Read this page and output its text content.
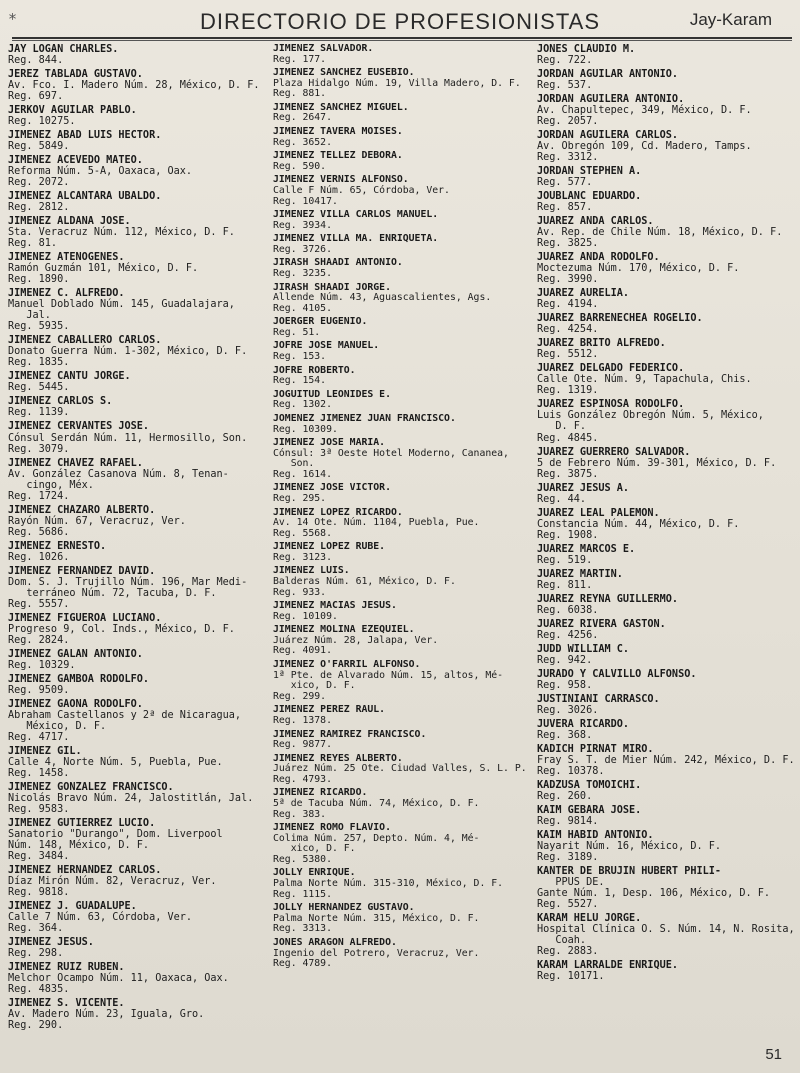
*	DIRECTORIO DE PROFESIONISTAS	Jay-Karam
JAY LOGAN CHARLES.
Reg. 844.
JEREZ TABLADA GUSTAVO.
Av. Fco. I. Madero Núm. 28, México, D. F.
Reg. 697.
JERKOV AGUILAR PABLO.
Reg. 10275.
JIMENEZ ABAD LUIS HECTOR.
Reg. 5849.
JIMENEZ ACEVEDO MATEO.
Reforma Núm. 5-A, Oaxaca, Oax.
Reg. 2072.
JIMENEZ ALCANTARA UBALDO.
Reg. 2812.
JIMENEZ ALDANA JOSE.
Sta. Veracruz Núm. 112, México, D. F.
Reg. 81.
JIMENEZ ATENOGENES.
Ramón Guzmán 101, México, D. F.
Reg. 1890.
JIMENEZ C. ALFREDO.
Manuel Doblado Núm. 145, Guadalajara,
Jal.
Reg. 5935.
JIMENEZ CABALLERO CARLOS.
Donato Guerra Núm. 1-302, México, D. F.
Reg. 1835.
JIMENEZ CANTU JORGE.
Reg. 5445.
JIMENEZ CARLOS S.
Reg. 1139.
JIMENEZ CERVANTES JOSE.
Cónsul Serdán Núm. 11, Hermosillo, Son.
Reg. 3079.
JIMENEZ CHAVEZ RAFAEL.
Av. González Casanova Núm. 8, Tenan-
cingo, Méx.
Reg. 1724.
JIMENEZ CHAZARO ALBERTO.
Rayón Núm. 67, Veracruz, Ver.
Reg. 5686.
JIMENEZ ERNESTO.
Reg. 1026.
JIMENEZ FERNANDEZ DAVID.
Dom. S. J. Trujillo Núm. 196, Mar Medi-
terráneo Núm. 72, Tacuba, D. F.
Reg. 5557.
JIMENEZ FIGUEROA LUCIANO.
Progreso 9, Col. Inds., México, D. F.
Reg. 2824.
JIMENEZ GALAN ANTONIO.
Reg. 10329.
JIMENEZ GAMBOA RODOLFO.
Reg. 9509.
JIMENEZ GAONA RODOLFO.
Abraham Castellanos y 2ª de Nicaragua,
México, D. F.
Reg. 4717.
JIMENEZ GIL.
Calle 4, Norte Núm. 5, Puebla, Pue.
Reg. 1458.
JIMENEZ GONZALEZ FRANCISCO.
Nicolás Bravo Núm. 24, Jalostitlán, Jal.
Reg. 9583.
JIMENEZ GUTIERREZ LUCIO.
Sanatorio "Durango", Dom. Liverpool
Núm. 148, México, D. F.
Reg. 3484.
JIMENEZ HERNANDEZ CARLOS.
Díaz Mirón Núm. 82, Veracruz, Ver.
Reg. 9818.
JIMENEZ J. GUADALUPE.
Calle 7 Núm. 63, Córdoba, Ver.
Reg. 364.
JIMENEZ JESUS.
Reg. 298.
JIMENEZ RUIZ RUBEN.
Melchor Ocampo Núm. 11, Oaxaca, Oax.
Reg. 4835.
JIMENEZ S. VICENTE.
Av. Madero Núm. 23, Iguala, Gro.
Reg. 290.
JIMENEZ SALVADOR.
Reg. 177.
JIMENEZ SANCHEZ EUSEBIO.
Plaza Hidalgo Núm. 19, Villa Madero, D. F.
Reg. 881.
JIMENEZ SANCHEZ MIGUEL.
Reg. 2647.
JIMENEZ TAVERA MOISES.
Reg. 3652.
JIMENEZ TELLEZ DEBORA.
Reg. 590.
JIMENEZ VERNIS ALFONSO.
Calle F Núm. 65, Córdoba, Ver.
Reg. 10417.
JIMENEZ VILLA CARLOS MANUEL.
Reg. 3934.
JIMENEZ VILLA MA. ENRIQUETA.
Reg. 3726.
JIRASH SHAADI ANTONIO.
Reg. 3235.
JIRASH SHAADI JORGE.
Allende Núm. 43, Aguascalientes, Ags.
Reg. 4105.
JOERGER EUGENIO.
Reg. 51.
JOFRE JOSE MANUEL.
Reg. 153.
JOFRE ROBERTO.
Reg. 154.
JOGUITUD LEONIDES E.
Reg. 1302.
JOMENEZ JIMENEZ JUAN FRANCISCO.
Reg. 10309.
JIMENEZ JOSE MARIA.
Cónsul: 3ª Oeste Hotel Moderno, Cananea,
Son.
Reg. 1614.
JIMENEZ JOSE VICTOR.
Reg. 295.
JIMENEZ LOPEZ RICARDO.
Av. 14 Ote. Núm. 1104, Puebla, Pue.
Reg. 5568.
JIMENEZ LOPEZ RUBE.
Reg. 3123.
JIMENEZ LUIS.
Balderas Núm. 61, México, D. F.
Reg. 933.
JIMENEZ MACIAS JESUS.
Reg. 10109.
JIMENEZ MOLINA EZEQUIEL.
Juárez Núm. 28, Jalapa, Ver.
Reg. 4091.
JIMENEZ O'FARRIL ALFONSO.
1ª Pte. de Alvarado Núm. 15, altos, Mé-
xico, D. F.
Reg. 299.
JIMENEZ PEREZ RAUL.
Reg. 1378.
JIMENEZ RAMIREZ FRANCISCO.
Reg. 9877.
JIMENEZ REYES ALBERTO.
Juárez Núm. 25 Ote. Ciudad Valles, S. L. P.
Reg. 4793.
JIMENEZ RICARDO.
5ª de Tacuba Núm. 74, México, D. F.
Reg. 383.
JIMENEZ ROMO FLAVIO.
Colima Núm. 257, Depto. Núm. 4, Mé-
xico, D. F.
Reg. 5380.
JOLLY ENRIQUE.
Palma Norte Núm. 315-310, México, D. F.
Reg. 1115.
JOLLY HERNANDEZ GUSTAVO.
Palma Norte Núm. 315, México, D. F.
Reg. 3313.
JONES ARAGON ALFREDO.
Ingenio del Potrero, Veracruz, Ver.
Reg. 4789.
JONES CLAUDIO M.
Reg. 722.
JORDAN AGUILAR ANTONIO.
Reg. 537.
JORDAN AGUILERA ANTONIO.
Av. Chapultepec, 349, México, D. F.
Reg. 2057.
JORDAN AGUILERA CARLOS.
Av. Obregón 109, Cd. Madero, Tamps.
Reg. 3312.
JORDAN STEPHEN A.
Reg. 577.
JOUBLANC EDUARDO.
Reg. 857.
JUAREZ ANDA CARLOS.
Av. Rep. de Chile Núm. 18, México, D. F.
Reg. 3825.
JUAREZ ANDA RODOLFO.
Moctezuma Núm. 170, México, D. F.
Reg. 3990.
JUAREZ AURELIA.
Reg. 4194.
JUAREZ BARRENECHEA ROGELIO.
Reg. 4254.
JUAREZ BRITO ALFREDO.
Reg. 5512.
JUAREZ DELGADO FEDERICO.
Calle Ote. Núm. 9, Tapachula, Chis.
Reg. 1319.
JUAREZ ESPINOSA RODOLFO.
Luis González Obregón Núm. 5, México,
D. F.
Reg. 4845.
JUAREZ GUERRERO SALVADOR.
5 de Febrero Núm. 39-301, México, D. F.
Reg. 3875.
JUAREZ JESUS A.
Reg. 44.
JUAREZ LEAL PALEMON.
Constancia Núm. 44, México, D. F.
Reg. 1908.
JUAREZ MARCOS E.
Reg. 519.
JUAREZ MARTIN.
Reg. 811.
JUAREZ REYNA GUILLERMO.
Reg. 6038.
JUAREZ RIVERA GASTON.
Reg. 4256.
JUDD WILLIAM C.
Reg. 942.
JURADO Y CALVILLO ALFONSO.
Reg. 958.
JUSTINIANI CARRASCO.
Reg. 3026.
JUVERA RICARDO.
Reg. 368.
KADICH PIRNAT MIRO.
Fray S. T. de Mier Núm. 242, México, D. F.
Reg. 10378.
KADZUSA TOMOICHI.
Reg. 260.
KAIM GEBARA JOSE.
Reg. 9814.
KAIM HABID ANTONIO.
Nayarit Núm. 16, México, D. F.
Reg. 3189.
KANTER DE BRUJIN HUBERT PHILI-
PPUS DE.
Gante Núm. 1, Desp. 106, México, D. F.
Reg. 5527.
KARAM HELU JORGE.
Hospital Clínica O. S. Núm. 14, N. Rosita,
Coah.
Reg. 2883.
KARAM LARRALDE ENRIQUE.
Reg. 10171.
51
